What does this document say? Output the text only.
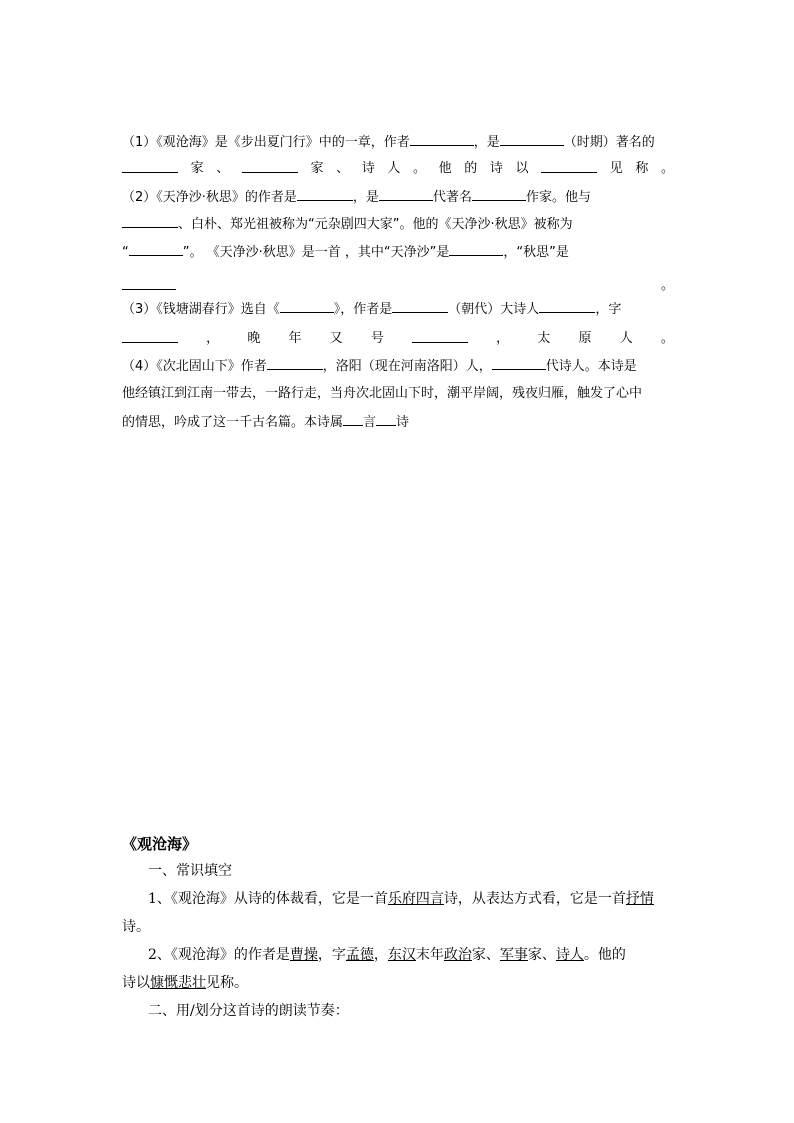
（1）《观沧海》是《步出夏门行》中的一章，作者	，是	（时期）著名的
家 、	家 、 诗 人 。 他 的 诗 以	见 称 。
（2）《天净沙·秋思》的作者是	，是	代著名	作家。他与
、白朴、郑光祖被称为“元杂剧四大家”。他的《天净沙·秋思》被称为
“	”。 《天净沙·秋思》是一首 ，其中“天净沙”是	，“秋思”是
。
（3）《钱塘湖春行》选自《	》，作者是	（朝代）大诗人	，字
， 晚 年 又 号	， 太 原 人 。
（4）《次北固山下》作者	，洛阳（现在河南洛阳）人，	代诗人。本诗是
他经镇江到江南一带去，一路行走，当舟次北固山下时，潮平岸阔，残夜归雁，触发了心中
的情思，吟成了这一千古名篇。本诗属 言 诗
《观沧海》
一、常识填空
1、《观沧海》从诗的体裁看，它是一首乐府四言诗，从表达方式看，它是一首抒情
诗。
2、《观沧海》的作者是曹操，字孟德，东汉末年政治家、军事家、诗人。他的
诗以慷慨悲壮见称。
二、用/划分这首诗的朗读节奏：
